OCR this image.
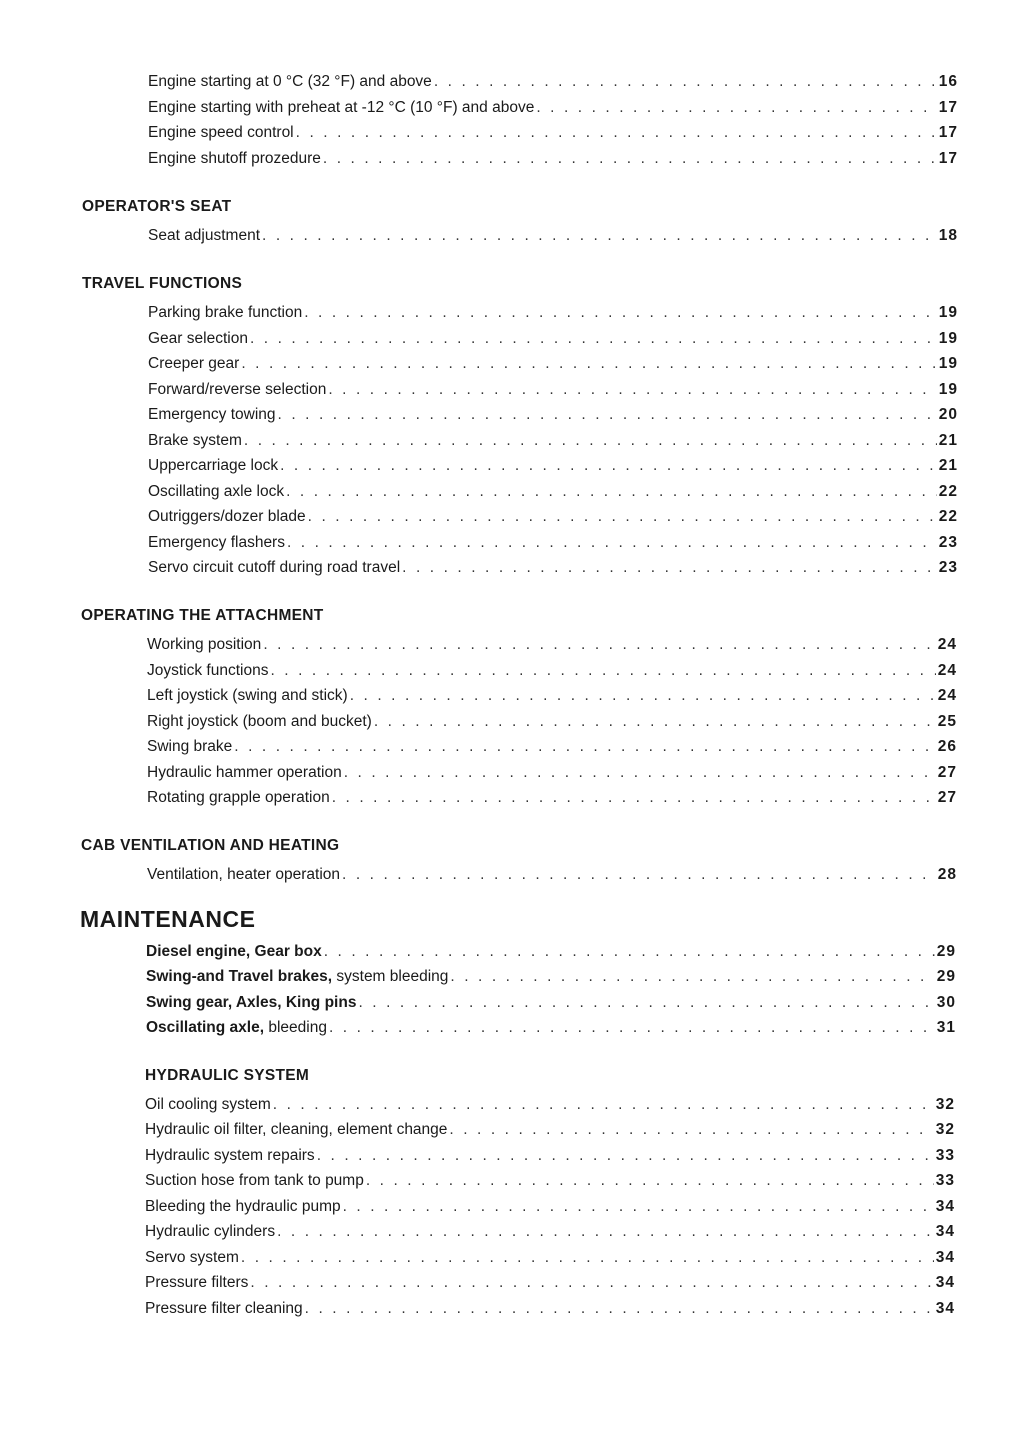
Engine starting at 0 °C (32 °F) and above . . .	16
Engine starting with preheat at -12 °C (10 °F) and above . . .	17
Engine speed control . . .	17
Engine shutoff prozedure . . .	17
OPERATOR'S SEAT
Seat adjustment . . .	18
TRAVEL FUNCTIONS
Parking brake function . . .	19
Gear selection . . .	19
Creeper gear . . .	19
Forward/reverse selection . . .	19
Emergency towing . . .	20
Brake system . . .	21
Uppercarriage lock . . .	21
Oscillating axle lock . . .	22
Outriggers/dozer blade . . .	22
Emergency flashers . . .	23
Servo circuit cutoff during road travel . . .	23
OPERATING THE ATTACHMENT
Working position . . .	24
Joystick functions . . .	24
Left joystick (swing and stick) . . .	24
Right joystick (boom and bucket) . . .	25
Swing brake . . .	26
Hydraulic hammer operation . . .	27
Rotating grapple operation . . .	27
CAB VENTILATION AND HEATING
Ventilation, heater operation . . .	28
MAINTENANCE
Diesel engine, Gear box . . .	29
Swing-and Travel brakes, system bleeding . . .	29
Swing gear, Axles, King pins . . .	30
Oscillating axle, bleeding . . .	31
HYDRAULIC SYSTEM
Oil cooling system . . .	32
Hydraulic oil filter, cleaning, element change . . .	32
Hydraulic system repairs . . .	33
Suction hose from tank to pump . . .	33
Bleeding the hydraulic pump . . .	34
Hydraulic cylinders . . .	34
Servo system . . .	34
Pressure filters . . .	34
Pressure filter cleaning . . .	34
